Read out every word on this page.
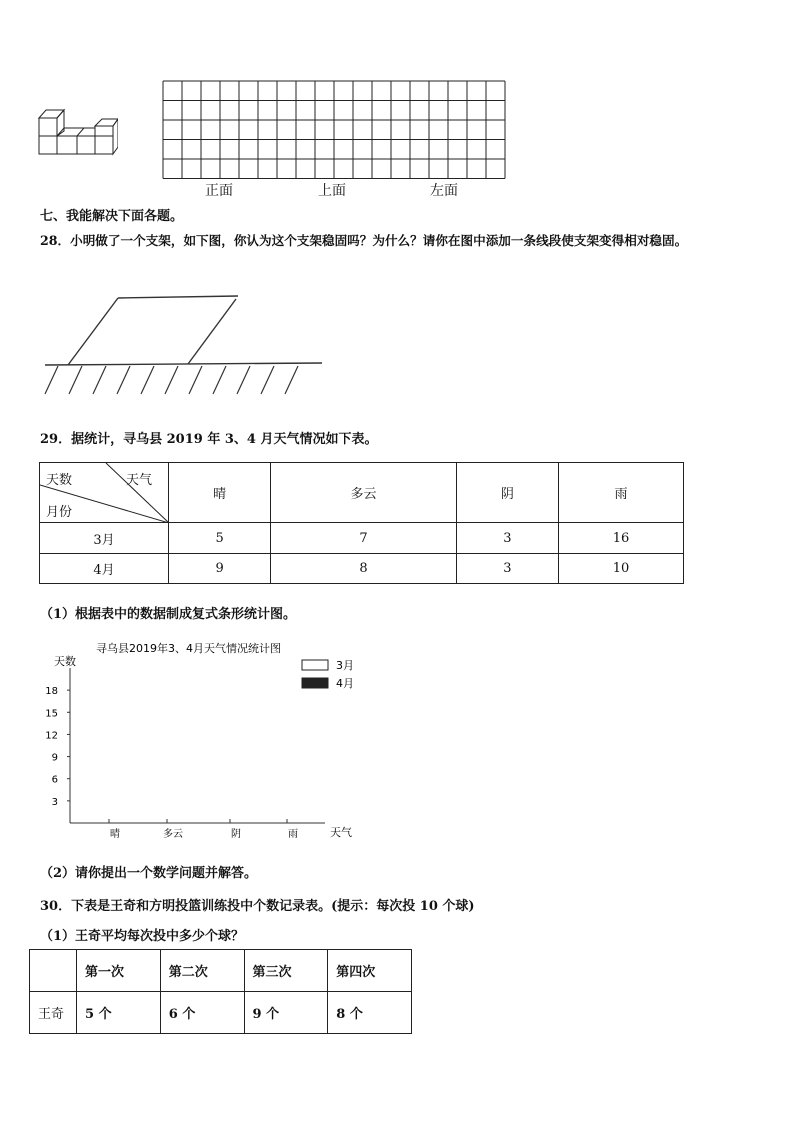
正面	上面	左面
七、我能解决下面各题。
28．小明做了一个支架，如下图，你认为这个支架稳固吗？为什么？请你在图中添加一条线段使支架变得相对稳固。
29．据统计，寻乌县 2019 年 3、4 月天气情况如下表。
天数 天气
月份	晴	多云	阴	雨
3月	5	7	3	16
4月	9	8	3	10
（1）根据表中的数据制成复式条形统计图。
寻乌县2019年3、4月天气情况统计图
天数
天气
3
6
9
12
15
18
晴	多云	阴	雨
3月
4月
（2）请你提出一个数学问题并解答。
30．下表是王奇和方明投篮训练投中个数记录表。(提示：每次投 10 个球)
（1）王奇平均每次投中多少个球？
	第一次	第二次	第三次	第四次
王奇	5 个	6 个	9 个	8 个
